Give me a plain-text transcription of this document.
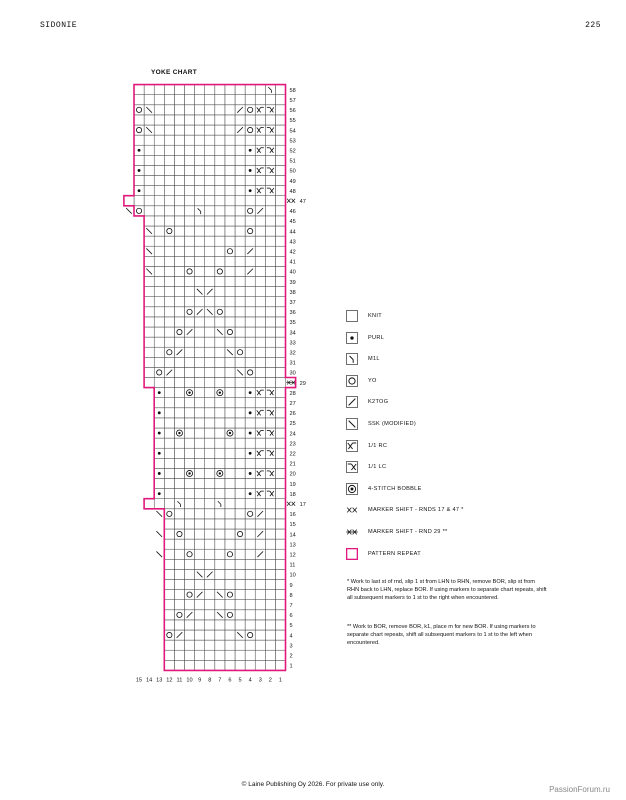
SIDONIE	225
YOKE CHART
58
57
56
55
54
53
52
51
50
49
48
47
46
45
44
43
42
41
40
39
38
37
36
35
34
33
32
31
30
29
28
27
26
25
24
23
22
21
20
19
18
17
16
15
14
13
12
11
10
9
8
7
6
5
4
3
2
1
15 14 13 12 11 10 9 8 7 6 5 4 3 2 1
KNIT
PURL
M1L
YO
K2TOG
SSK (MODIFIED)
1/1 RC
1/1 LC
4-STITCH BOBBLE
MARKER SHIFT - RNDS 17 & 47 *
MARKER SHIFT - RND 29 **
PATTERN REPEAT
* Work to last st of rnd, slip 1 st from LHN to RHN, remove BOR, slip st from RHN back to LHN, replace BOR. If using markers to separate chart repeats, shift all subsequent markers to 1 st to the right when encountered.
** Work to BOR, remove BOR, k1, place m for new BOR. If using markers to separate chart repeats, shift all subsequent markers to 1 st to the left when encountered.
© Laine Publishing Oy 2026. For private use only.
PassionForum.ru
